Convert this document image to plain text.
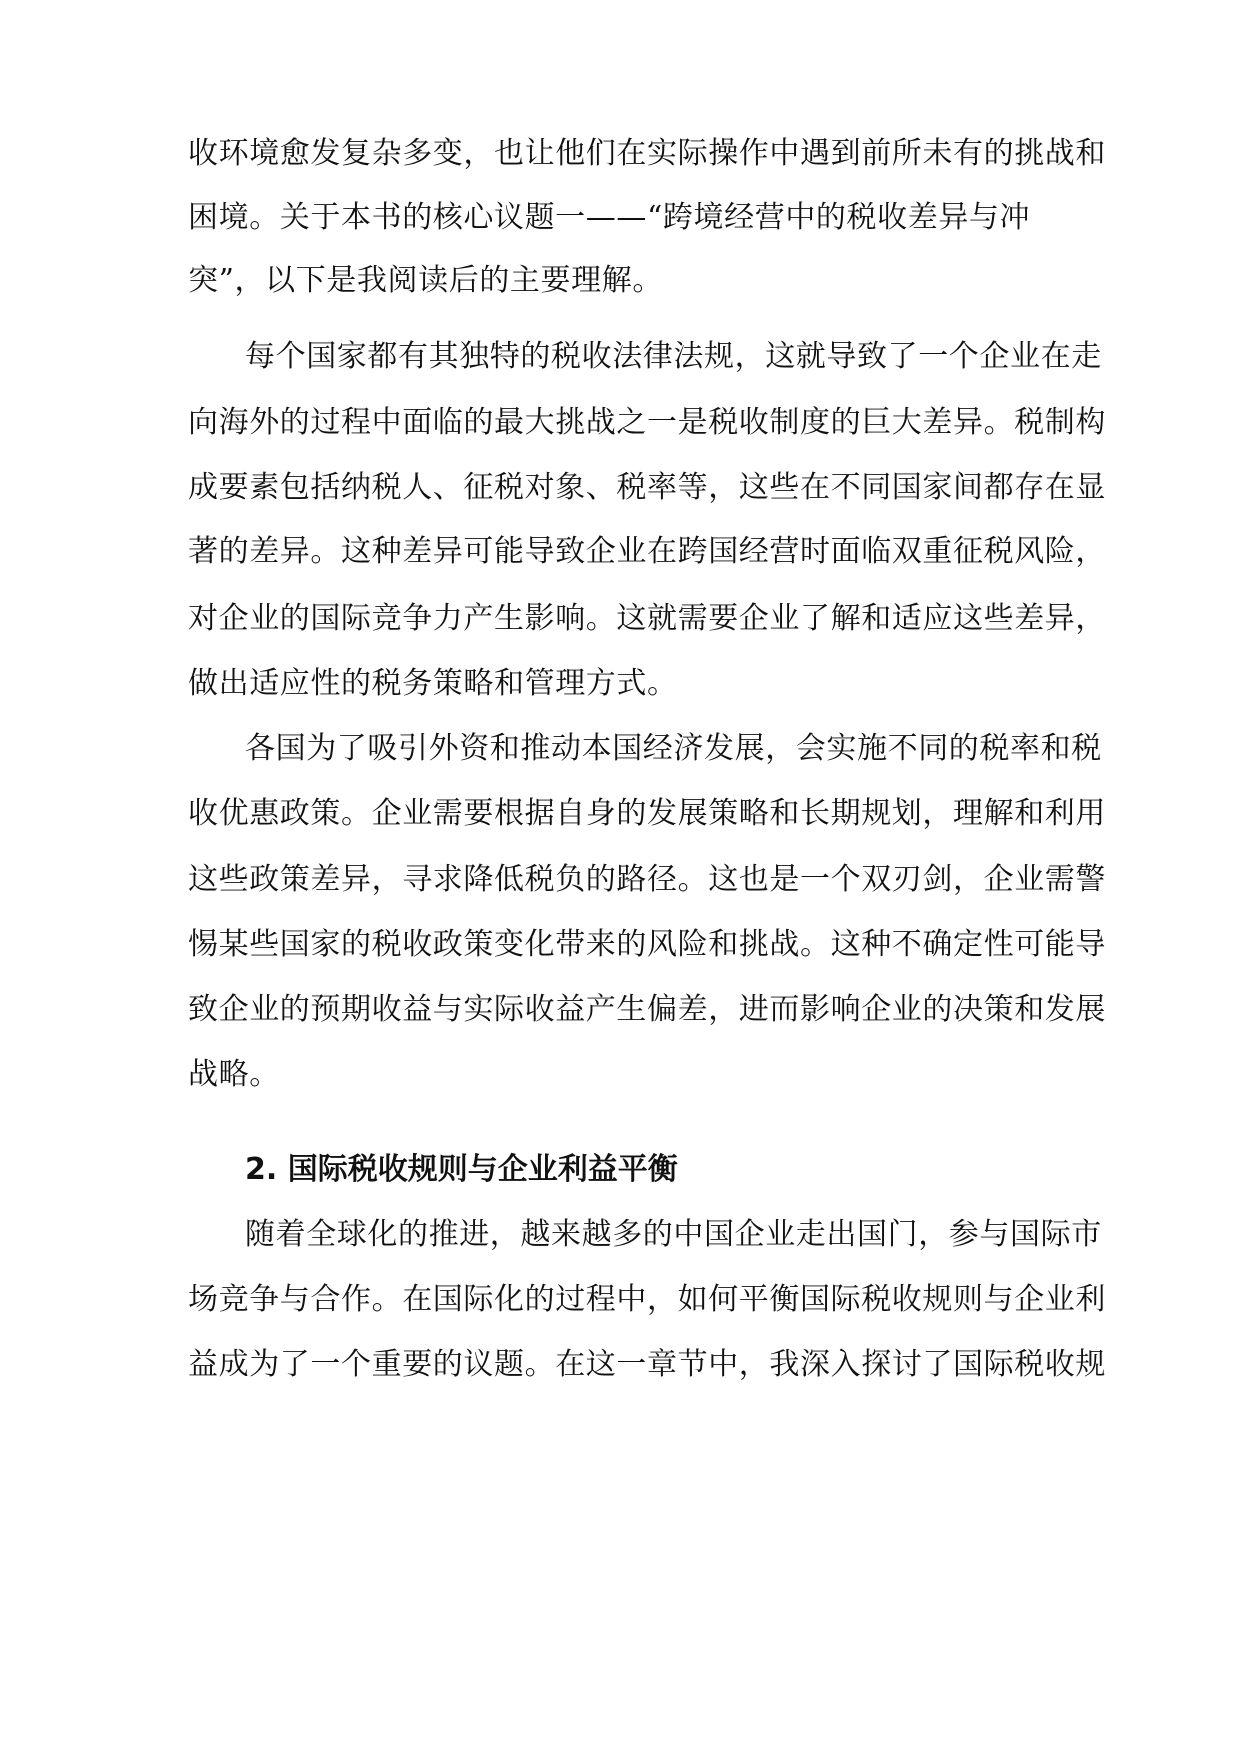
收环境愈发复杂多变，也让他们在实际操作中遇到前所未有的挑战和
困境。关于本书的核心议题一——“跨境经营中的税收差异与冲
突”，以下是我阅读后的主要理解。
每个国家都有其独特的税收法律法规，这就导致了一个企业在走
向海外的过程中面临的最大挑战之一是税收制度的巨大差异。税制构
成要素包括纳税人、征税对象、税率等，这些在不同国家间都存在显
著的差异。这种差异可能导致企业在跨国经营时面临双重征税风险，
对企业的国际竞争力产生影响。这就需要企业了解和适应这些差异，
做出适应性的税务策略和管理方式。
各国为了吸引外资和推动本国经济发展，会实施不同的税率和税
收优惠政策。企业需要根据自身的发展策略和长期规划，理解和利用
这些政策差异，寻求降低税负的路径。这也是一个双刃剑，企业需警
惕某些国家的税收政策变化带来的风险和挑战。这种不确定性可能导
致企业的预期收益与实际收益产生偏差，进而影响企业的决策和发展
战略。
2. 国际税收规则与企业利益平衡
随着全球化的推进，越来越多的中国企业走出国门，参与国际市
场竞争与合作。在国际化的过程中，如何平衡国际税收规则与企业利
益成为了一个重要的议题。在这一章节中，我深入探讨了国际税收规
